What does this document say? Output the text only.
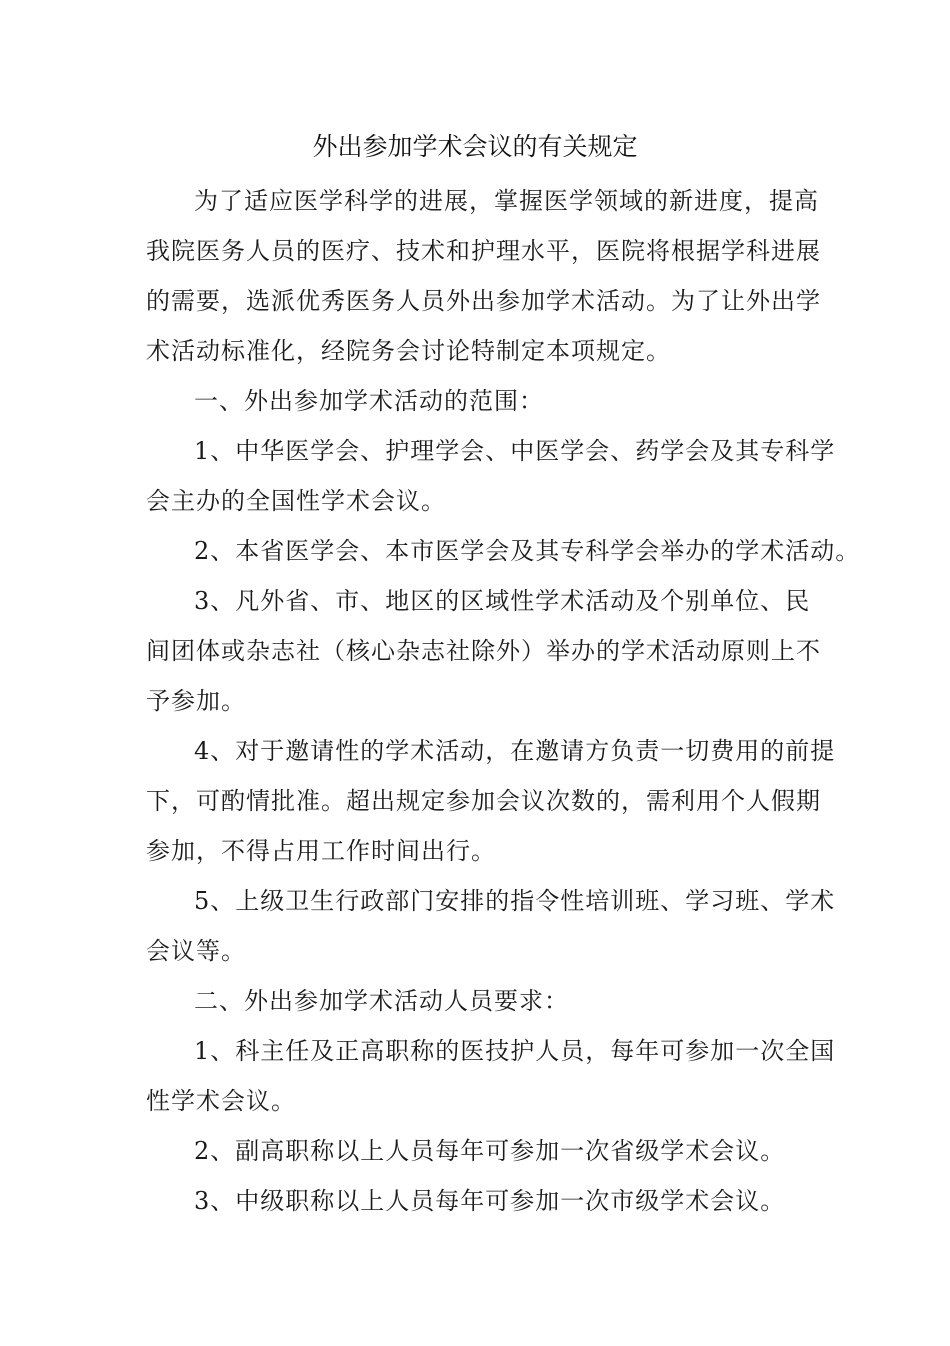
外出参加学术会议的有关规定
为了适应医学科学的进展，掌握医学领域的新进度，提高
我院医务人员的医疗、技术和护理水平，医院将根据学科进展
的需要，选派优秀医务人员外出参加学术活动。为了让外出学
术活动标准化，经院务会讨论特制定本项规定。
一、外出参加学术活动的范围：
1、中华医学会、护理学会、中医学会、药学会及其专科学
会主办的全国性学术会议。
2、本省医学会、本市医学会及其专科学会举办的学术活动。
3、凡外省、市、地区的区域性学术活动及个别单位、民
间团体或杂志社（核心杂志社除外）举办的学术活动原则上不
予参加。
4、对于邀请性的学术活动，在邀请方负责一切费用的前提
下，可酌情批准。超出规定参加会议次数的，需利用个人假期
参加，不得占用工作时间出行。
5、上级卫生行政部门安排的指令性培训班、学习班、学术
会议等。
二、外出参加学术活动人员要求：
1、科主任及正高职称的医技护人员，每年可参加一次全国
性学术会议。
2、副高职称以上人员每年可参加一次省级学术会议。
3、中级职称以上人员每年可参加一次市级学术会议。
